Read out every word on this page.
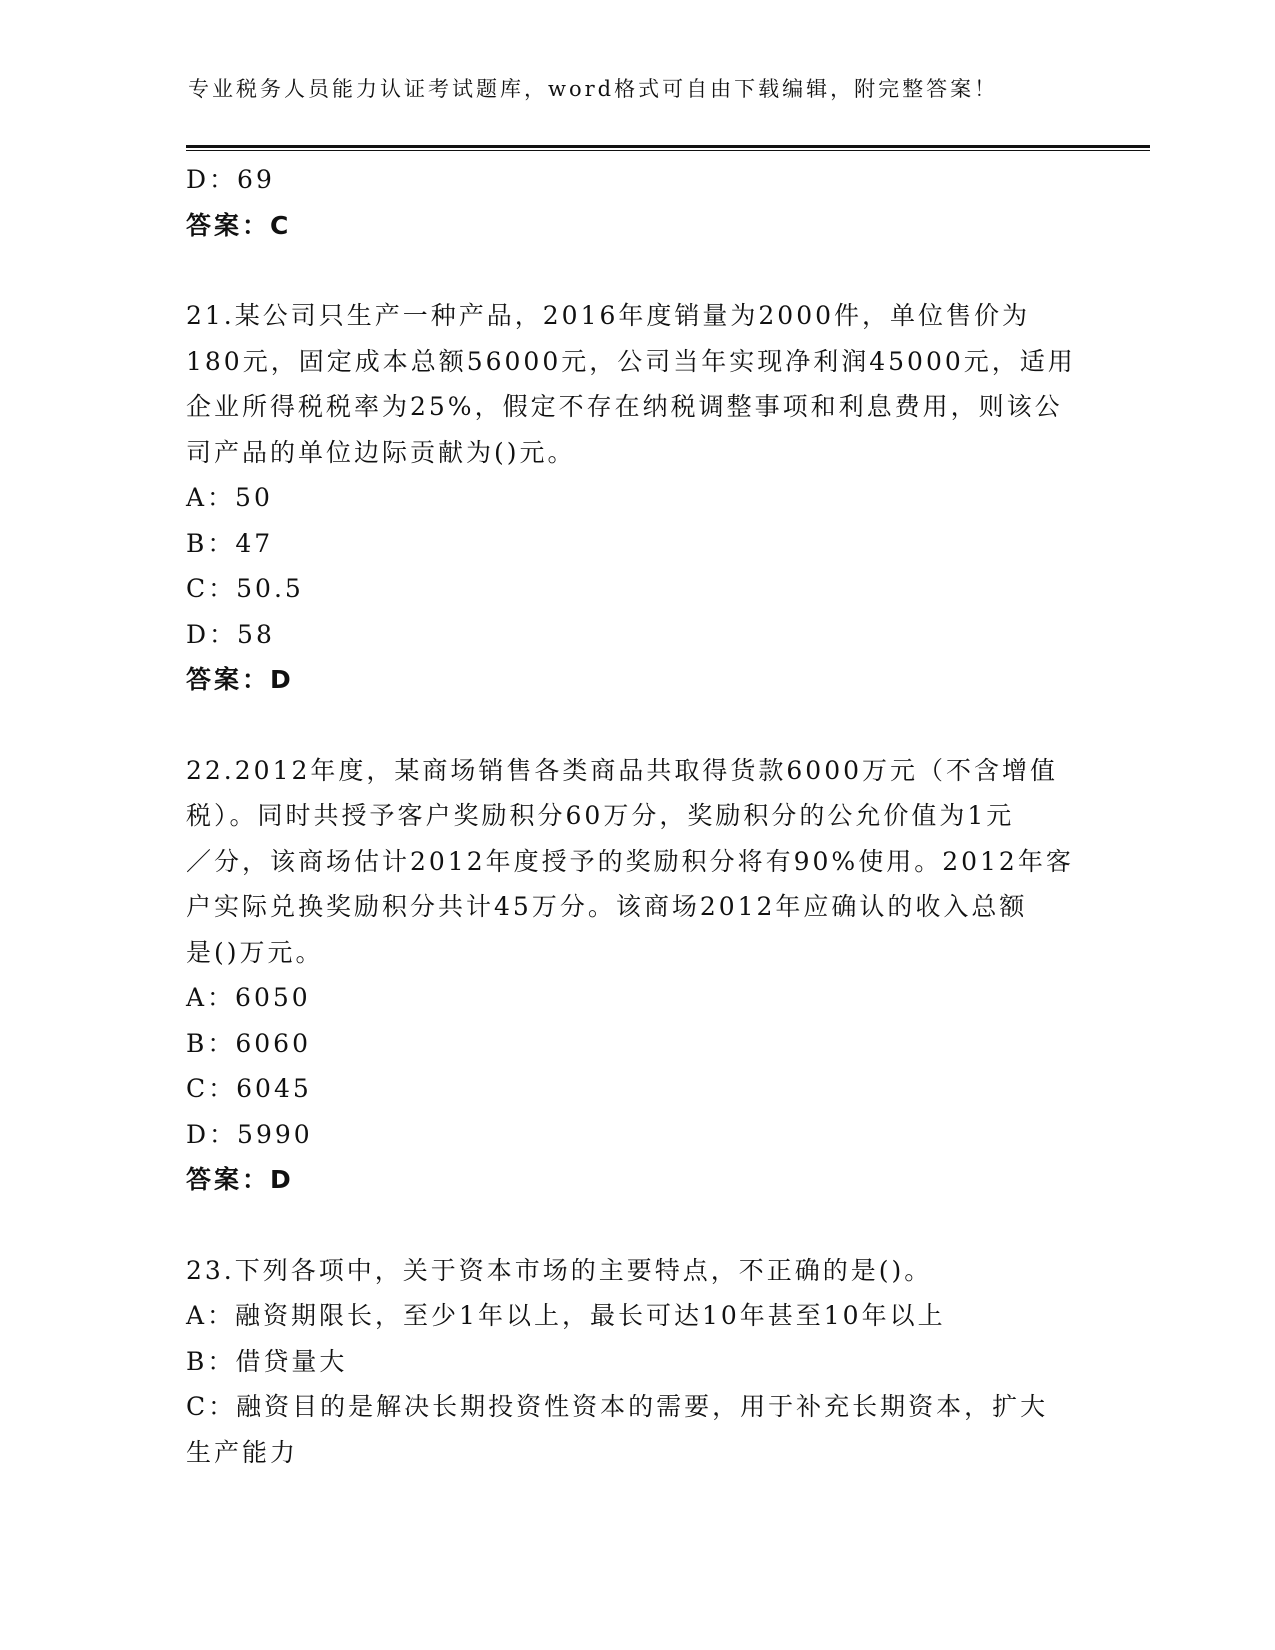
专业税务人员能力认证考试题库，word格式可自由下载编辑，附完整答案！
D：69
答案：C
21.某公司只生产一种产品，2016年度销量为2000件，单位售价为
180元，固定成本总额56000元，公司当年实现净利润45000元，适用
企业所得税税率为25%，假定不存在纳税调整事项和利息费用，则该公
司产品的单位边际贡献为()元。
A：50
B：47
C：50.5
D：58
答案：D
22.2012年度，某商场销售各类商品共取得货款6000万元（不含增值
税）。同时共授予客户奖励积分60万分，奖励积分的公允价值为1元
／分，该商场估计2012年度授予的奖励积分将有90%使用。2012年客
户实际兑换奖励积分共计45万分。该商场2012年应确认的收入总额
是()万元。
A：6050
B：6060
C：6045
D：5990
答案：D
23.下列各项中，关于资本市场的主要特点，不正确的是()。
A：融资期限长，至少1年以上，最长可达10年甚至10年以上
B：借贷量大
C：融资目的是解决长期投资性资本的需要，用于补充长期资本，扩大
生产能力
